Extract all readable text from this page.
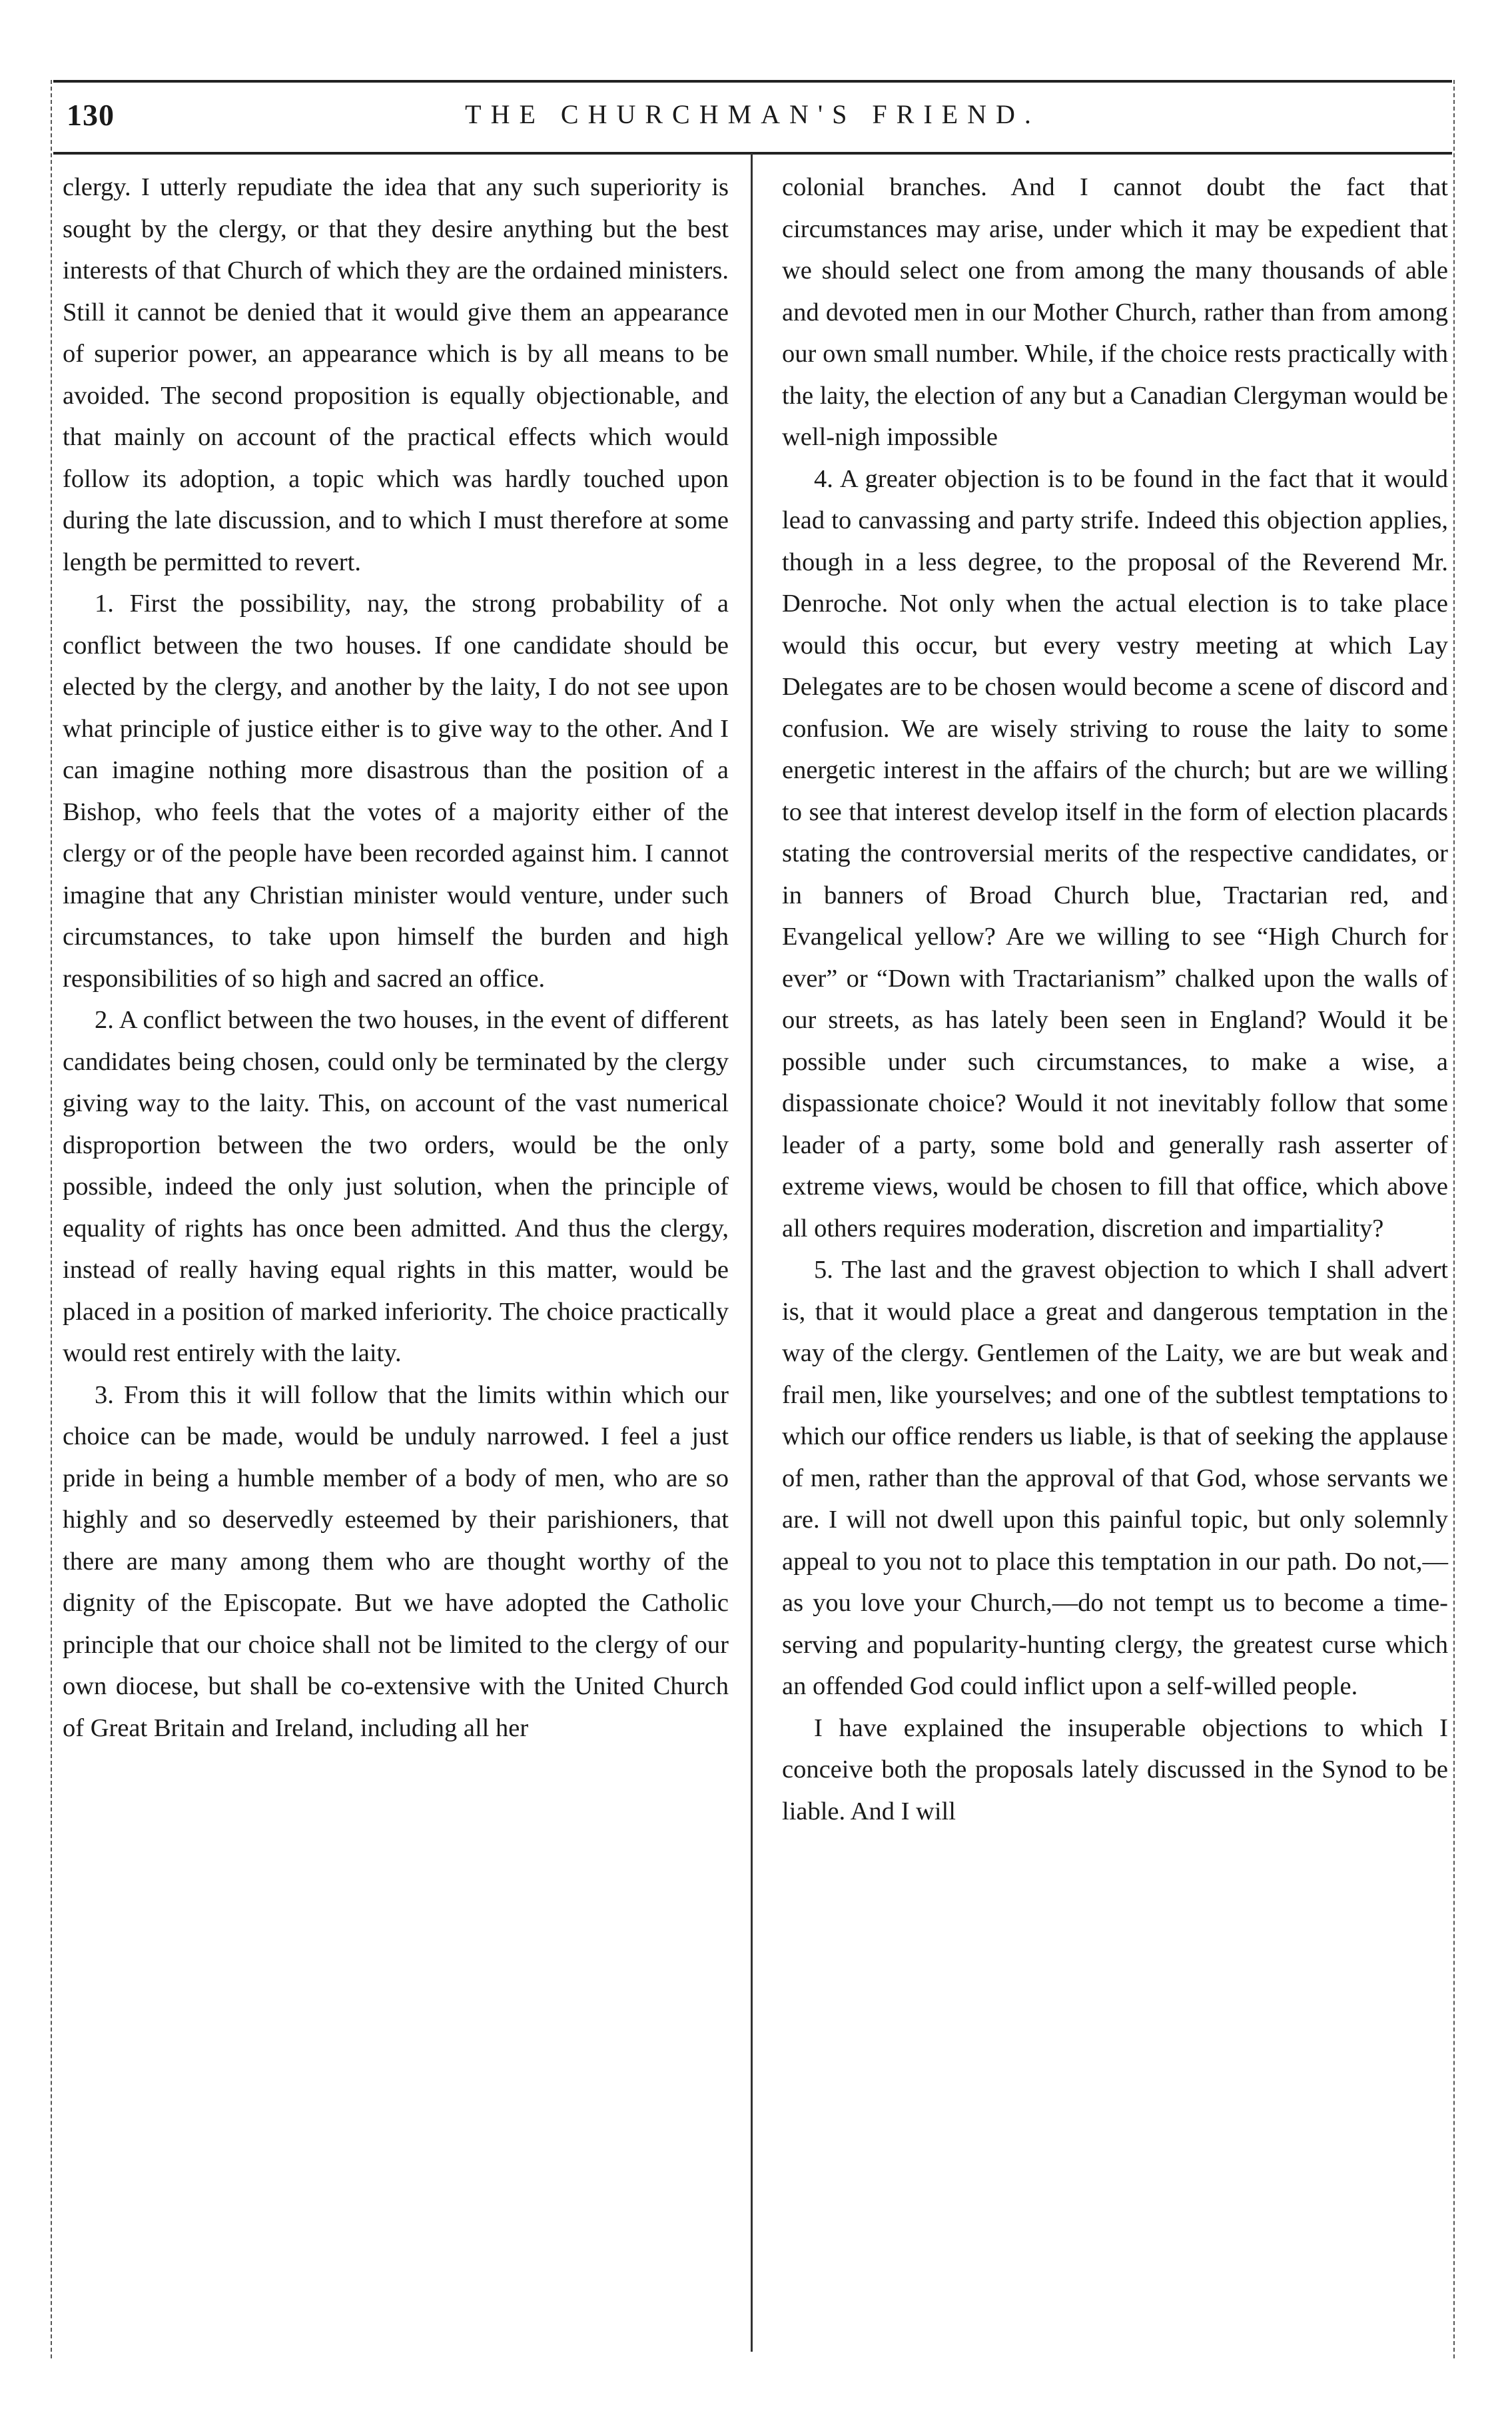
130	THE CHURCHMAN'S FRIEND.

clergy. I utterly repudiate the idea that any such superiority is sought by the clergy, or that they desire anything but the best interests of that Church of which they are the ordained ministers. Still it cannot be denied that it would give them an appearance of superior power, an appearance which is by all means to be avoided. The second proposition is equally objectionable, and that mainly on account of the practical effects which would follow its adoption, a topic which was hardly touched upon during the late discussion, and to which I must therefore at some length be permitted to revert.

1. First the possibility, nay, the strong probability of a conflict between the two houses. If one candidate should be elected by the clergy, and another by the laity, I do not see upon what principle of justice either is to give way to the other. And I can imagine nothing more disastrous than the position of a Bishop, who feels that the votes of a majority either of the clergy or of the people have been recorded against him. I cannot imagine that any Christian minister would venture, under such circumstances, to take upon himself the burden and high responsibilities of so high and sacred an office.

2. A conflict between the two houses, in the event of different candidates being chosen, could only be terminated by the clergy giving way to the laity. This, on account of the vast numerical disproportion between the two orders, would be the only possible, indeed the only just solution, when the principle of equality of rights has once been admitted. And thus the clergy, instead of really having equal rights in this matter, would be placed in a position of marked inferiority. The choice practically would rest entirely with the laity.

3. From this it will follow that the limits within which our choice can be made, would be unduly narrowed. I feel a just pride in being a humble member of a body of men, who are so highly and so deservedly esteemed by their parishioners, that there are many among them who are thought worthy of the dignity of the Episcopate. But we have adopted the Catholic principle that our choice shall not be limited to the clergy of our own diocese, but shall be co-extensive with the United Church of Great Britain and Ireland, including all her

colonial branches. And I cannot doubt the fact that circumstances may arise, under which it may be expedient that we should select one from among the many thousands of able and devoted men in our Mother Church, rather than from among our own small number. While, if the choice rests practically with the laity, the election of any but a Canadian Clergyman would be well-nigh impossible

4. A greater objection is to be found in the fact that it would lead to canvassing and party strife. Indeed this objection applies, though in a less degree, to the proposal of the Reverend Mr. Denroche. Not only when the actual election is to take place would this occur, but every vestry meeting at which Lay Delegates are to be chosen would become a scene of discord and confusion. We are wisely striving to rouse the laity to some energetic interest in the affairs of the church; but are we willing to see that interest develop itself in the form of election placards stating the controversial merits of the respective candidates, or in banners of Broad Church blue, Tractarian red, and Evangelical yellow? Are we willing to see “High Church for ever” or “Down with Tractarianism” chalked upon the walls of our streets, as has lately been seen in England? Would it be possible under such circumstances, to make a wise, a dispassionate choice? Would it not inevitably follow that some leader of a party, some bold and generally rash asserter of extreme views, would be chosen to fill that office, which above all others requires moderation, discretion and impartiality?

5. The last and the gravest objection to which I shall advert is, that it would place a great and dangerous temptation in the way of the clergy. Gentlemen of the Laity, we are but weak and frail men, like yourselves; and one of the subtlest temptations to which our office renders us liable, is that of seeking the applause of men, rather than the approval of that God, whose servants we are. I will not dwell upon this painful topic, but only solemnly appeal to you not to place this temptation in our path. Do not,— as you love your Church,—do not tempt us to become a time-serving and popularity-hunting clergy, the greatest curse which an offended God could inflict upon a self-willed people.

I have explained the insuperable objections to which I conceive both the proposals lately discussed in the Synod to be liable. And I will
